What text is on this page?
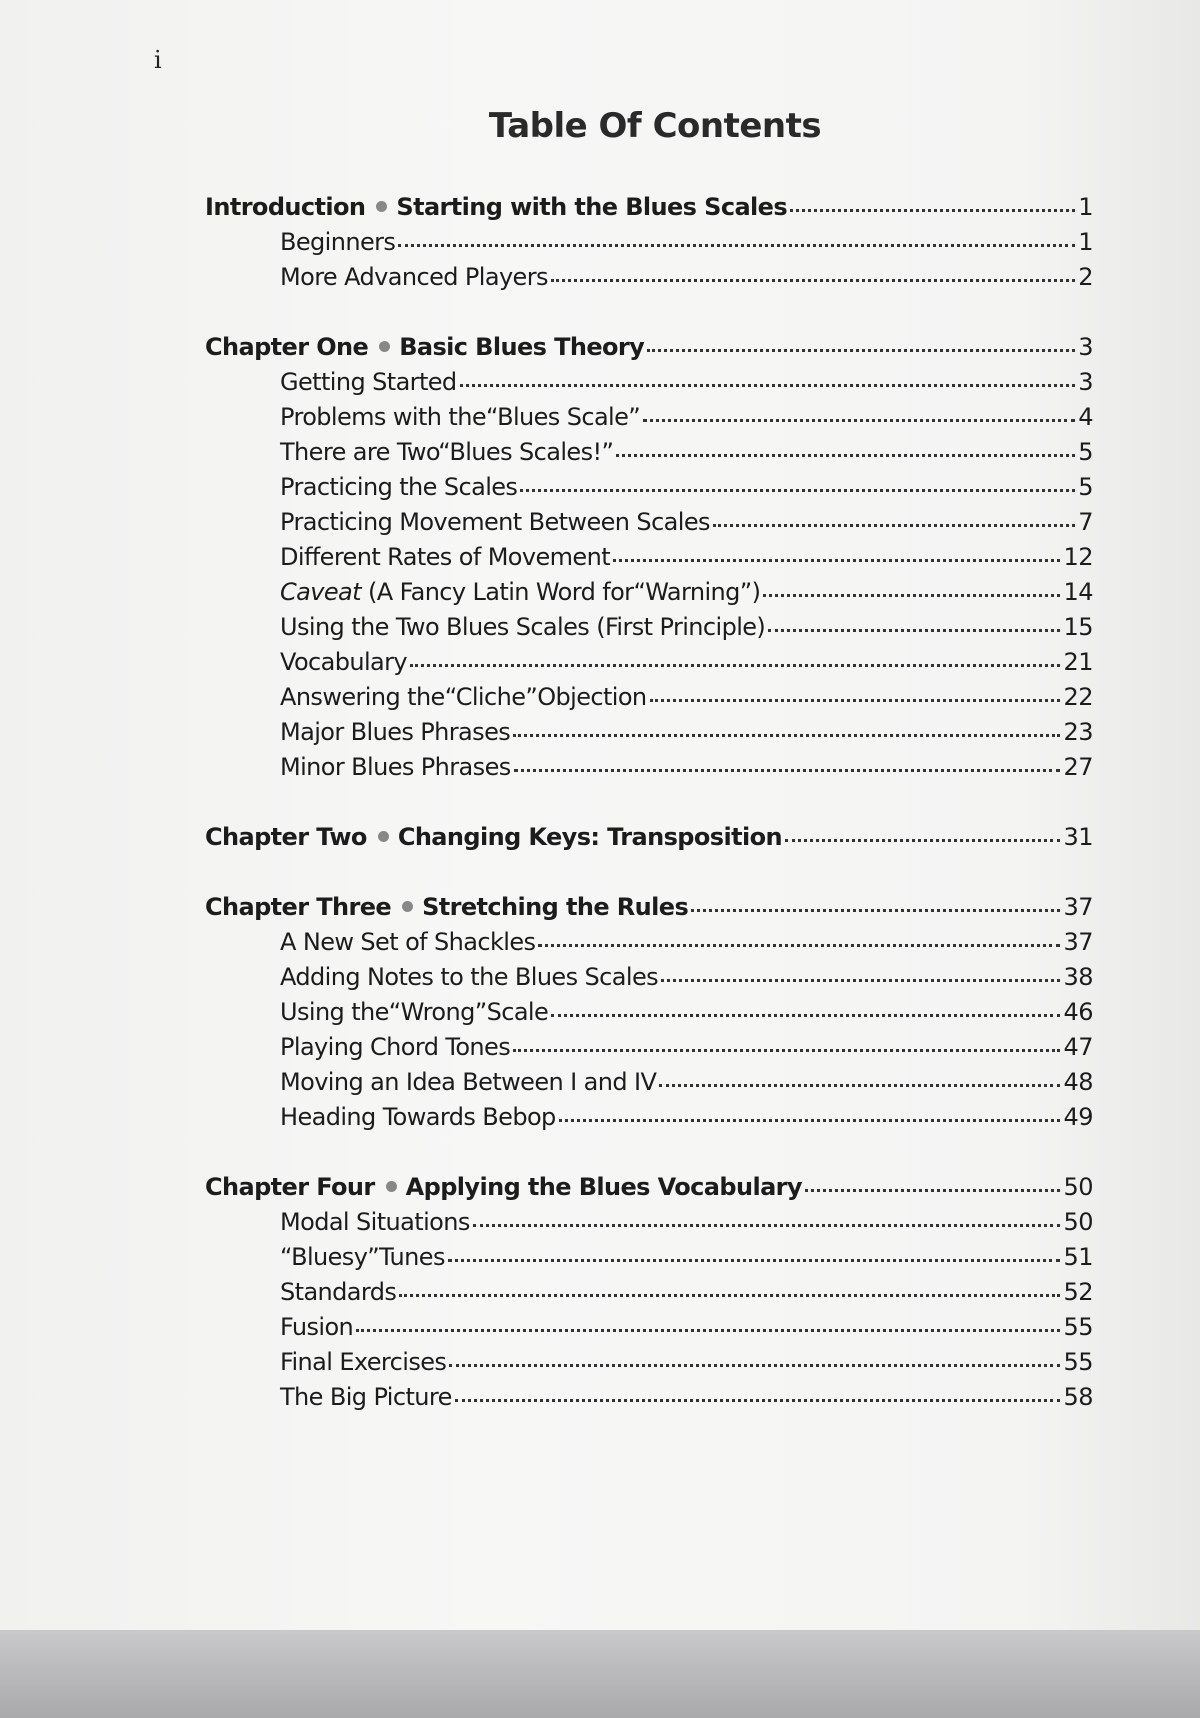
i
Table Of Contents
Introduction Starting with the Blues Scales	1
Beginners	1
More Advanced Players	2
Chapter One Basic Blues Theory	3
Getting Started	3
Problems with the“Blues Scale”	4
There are Two“Blues Scales!”	5
Practicing the Scales	5
Practicing Movement Between Scales	7
Different Rates of Movement	12
Caveat (A Fancy Latin Word for“Warning”)	14
Using the Two Blues Scales (First Principle)	15
Vocabulary	21
Answering the“Cliche”Objection	22
Major Blues Phrases	23
Minor Blues Phrases	27
Chapter Two Changing Keys: Transposition	31
Chapter Three Stretching the Rules	37
A New Set of Shackles	37
Adding Notes to the Blues Scales	38
Using the“Wrong”Scale	46
Playing Chord Tones	47
Moving an Idea Between I and IV	48
Heading Towards Bebop	49
Chapter Four Applying the Blues Vocabulary	50
Modal Situations	50
“Bluesy”Tunes	51
Standards	52
Fusion	55
Final Exercises	55
The Big Picture	58
